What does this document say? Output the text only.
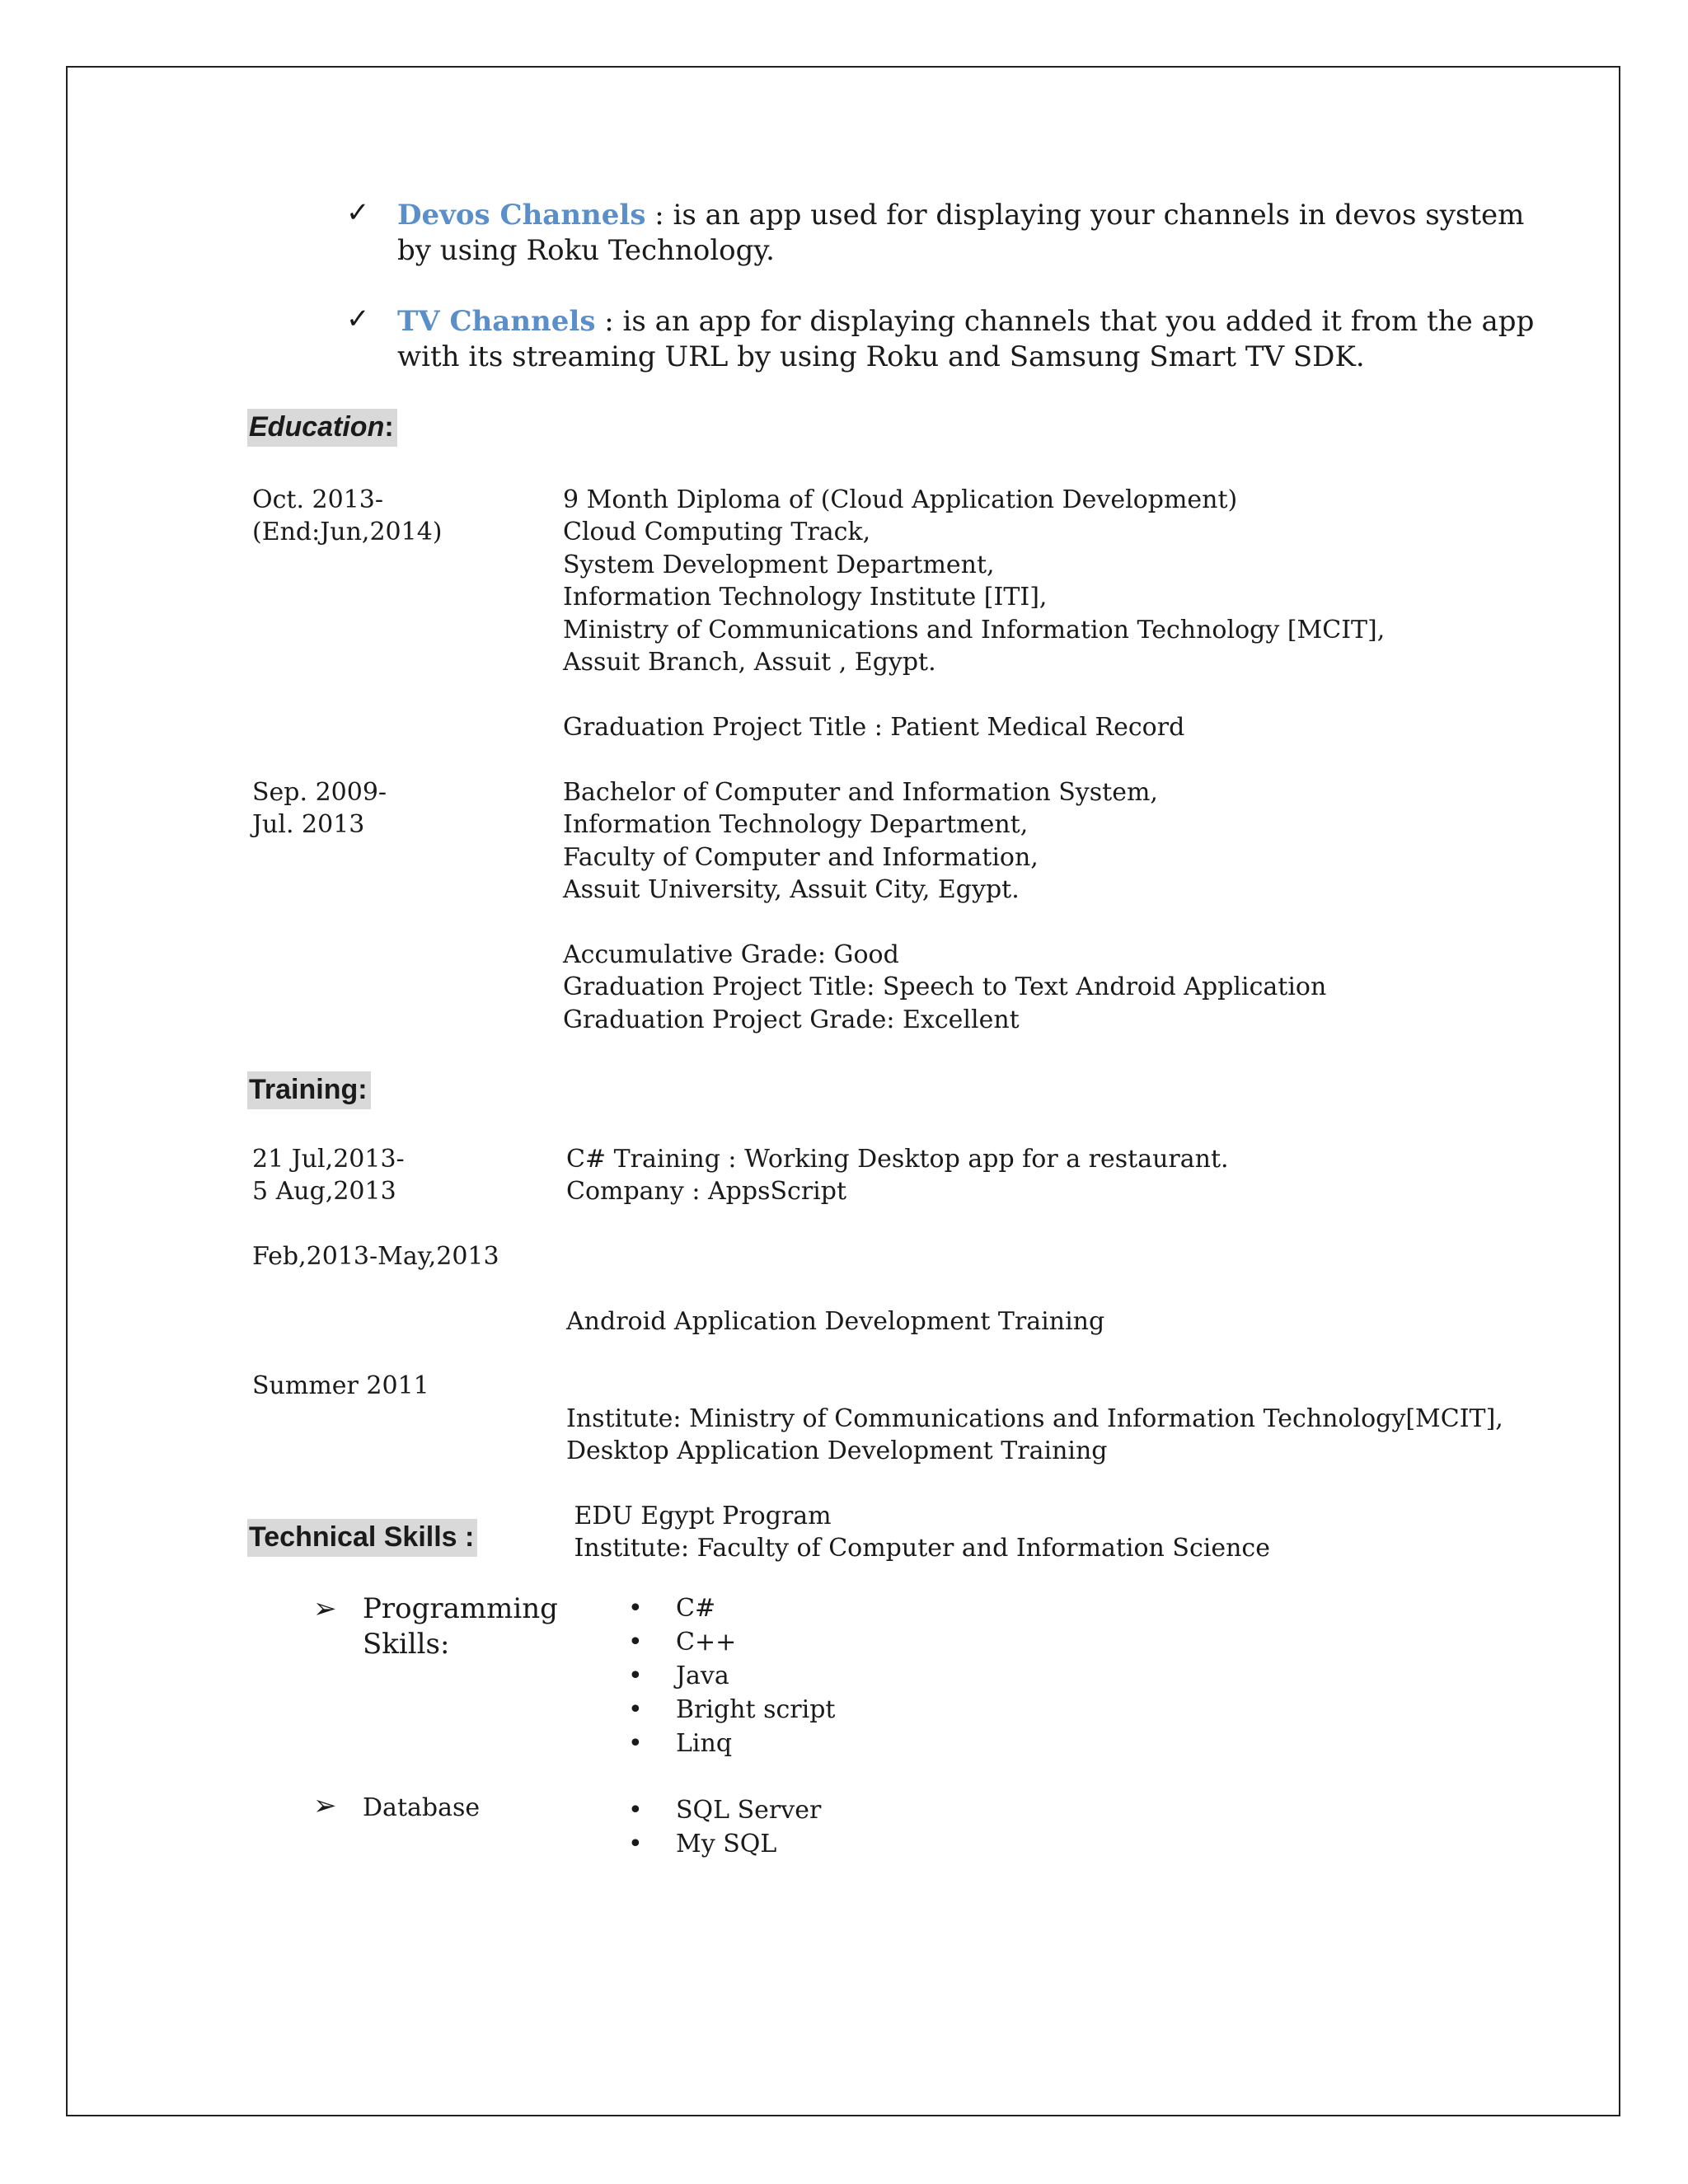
✓ Devos Channels : is an app used for displaying your channels in devos system
by using Roku Technology.
✓ TV Channels : is an app for displaying channels that you added it from the app
with its streaming URL by using Roku and Samsung Smart TV SDK.
Education:
Oct. 2013-
(End:Jun,2014)
9 Month Diploma of (Cloud Application Development)
Cloud Computing Track,
System Development Department,
Information Technology Institute [ITI],
Ministry of Communications and Information Technology [MCIT],
Assuit Branch, Assuit , Egypt.
Graduation Project Title : Patient Medical Record
Sep. 2009-
Jul. 2013
Bachelor of Computer and Information System,
Information Technology Department,
Faculty of Computer and Information,
Assuit University, Assuit City, Egypt.
Accumulative Grade: Good
Graduation Project Title: Speech to Text Android Application
Graduation Project Grade: Excellent
Training:
21 Jul,2013-
5 Aug,2013
C# Training : Working Desktop app for a restaurant.
Company : AppsScript
Feb,2013-May,2013

Android Application Development Training

Institute: Ministry of Communications and Information Technology[MCIT],

EDU Egypt Program

Summer 2011

Desktop Application Development Training

Institute: Faculty of Computer and Information Science

Technical Skills :
➢ Programming
Skills:
• C#
• C++
• Java
• Bright script
• Linq
➢ Database	• SQL Server
• My SQL
